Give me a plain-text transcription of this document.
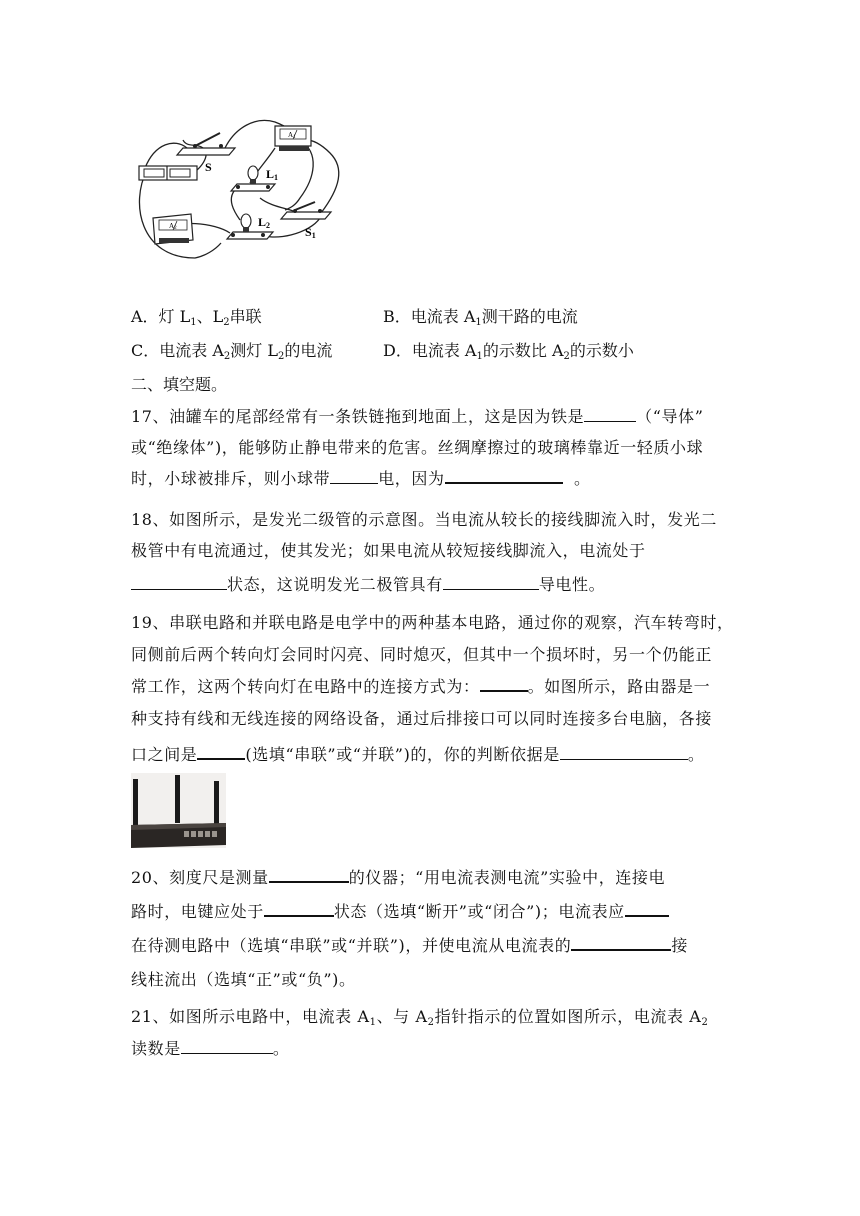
S
A1
L1
L2	S1
A2
A．灯 $L_1$、$L_2$串联	B．电流表 $A_1$测干路的电流
C．电流表 $A_2$测灯 $L_2$的电流	D．电流表 $A_1$的示数比 $A_2$的示数小
二、填空题。
17、油罐车的尾部经常有一条铁链拖到地面上，这是因为铁是	（“导体”
或“绝缘体”)，能够防止静电带来的危害。丝绸摩擦过的玻璃棒靠近一轻质小球
时，小球被排斥，则小球带	电，因为	。
18、如图所示，是发光二级管的示意图。当电流从较长的接线脚流入时，发光二
极管中有电流通过，使其发光；如果电流从较短接线脚流入，电流处于
状态，这说明发光二极管具有	导电性。
19、串联电路和并联电路是电学中的两种基本电路，通过你的观察，汽车转弯时，
同侧前后两个转向灯会同时闪亮、同时熄灭，但其中一个损坏时，另一个仍能正
常工作，这两个转向灯在电路中的连接方式为：	。如图所示，路由器是一
种支持有线和无线连接的网络设备，通过后排接口可以同时连接多台电脑，各接
口之间是	(选填“串联”或“并联”)的，你的判断依据是	。
20、刻度尺是测量	的仪器；“用电流表测电流”实验中，连接电
路时，电键应处于	状态（选填“断开”或“闭合”)；电流表应
在待测电路中（选填“串联”或“并联”)，并使电流从电流表的	接
线柱流出（选填“正”或“负”)。
21、如图所示电路中，电流表 $A_1$、与 $A_2$指针指示的位置如图所示，电流表 $A_2$
读数是	。
